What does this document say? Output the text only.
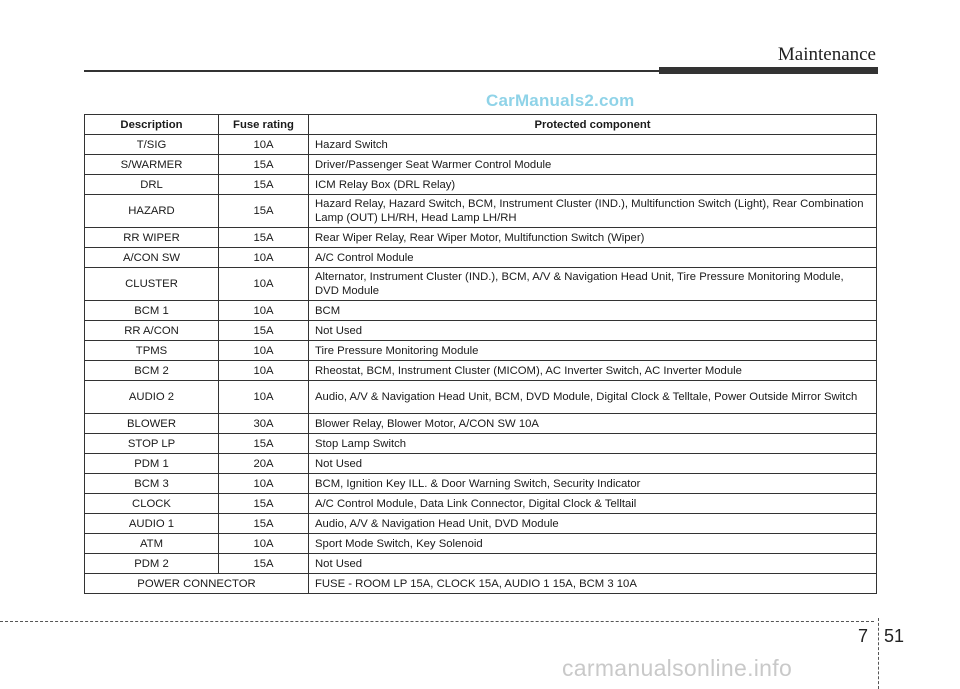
Maintenance
CarManuals2.com
Description	Fuse rating	Protected component
T/SIG	10A	Hazard Switch
S/WARMER	15A	Driver/Passenger Seat Warmer Control Module
DRL	15A	ICM Relay Box (DRL Relay)
HAZARD	15A	Hazard Relay, Hazard Switch, BCM, Instrument Cluster (IND.), Multifunction Switch (Light), Rear Combination Lamp (OUT) LH/RH, Head Lamp LH/RH
RR WIPER	15A	Rear Wiper Relay, Rear Wiper Motor, Multifunction Switch (Wiper)
A/CON SW	10A	A/C Control Module
CLUSTER	10A	Alternator, Instrument Cluster (IND.), BCM, A/V & Navigation Head Unit, Tire Pressure Monitoring Module, DVD Module
BCM 1	10A	BCM
RR A/CON	15A	Not Used
TPMS	10A	Tire Pressure Monitoring Module
BCM 2	10A	Rheostat, BCM, Instrument Cluster (MICOM), AC Inverter Switch, AC Inverter Module
AUDIO 2	10A	Audio, A/V & Navigation Head Unit, BCM, DVD Module, Digital Clock & Telltale, Power Outside Mirror Switch
BLOWER	30A	Blower Relay, Blower Motor, A/CON SW 10A
STOP LP	15A	Stop Lamp Switch
PDM 1	20A	Not Used
BCM 3	10A	BCM, Ignition Key ILL. & Door Warning Switch, Security Indicator
CLOCK	15A	A/C Control Module, Data Link Connector, Digital Clock & Telltail
AUDIO 1	15A	Audio, A/V & Navigation Head Unit, DVD Module
ATM	10A	Sport Mode Switch, Key Solenoid
PDM 2	15A	Not Used
POWER CONNECTOR		FUSE - ROOM LP 15A, CLOCK 15A, AUDIO 1 15A, BCM 3 10A
7 51
carmanualsonline.info
